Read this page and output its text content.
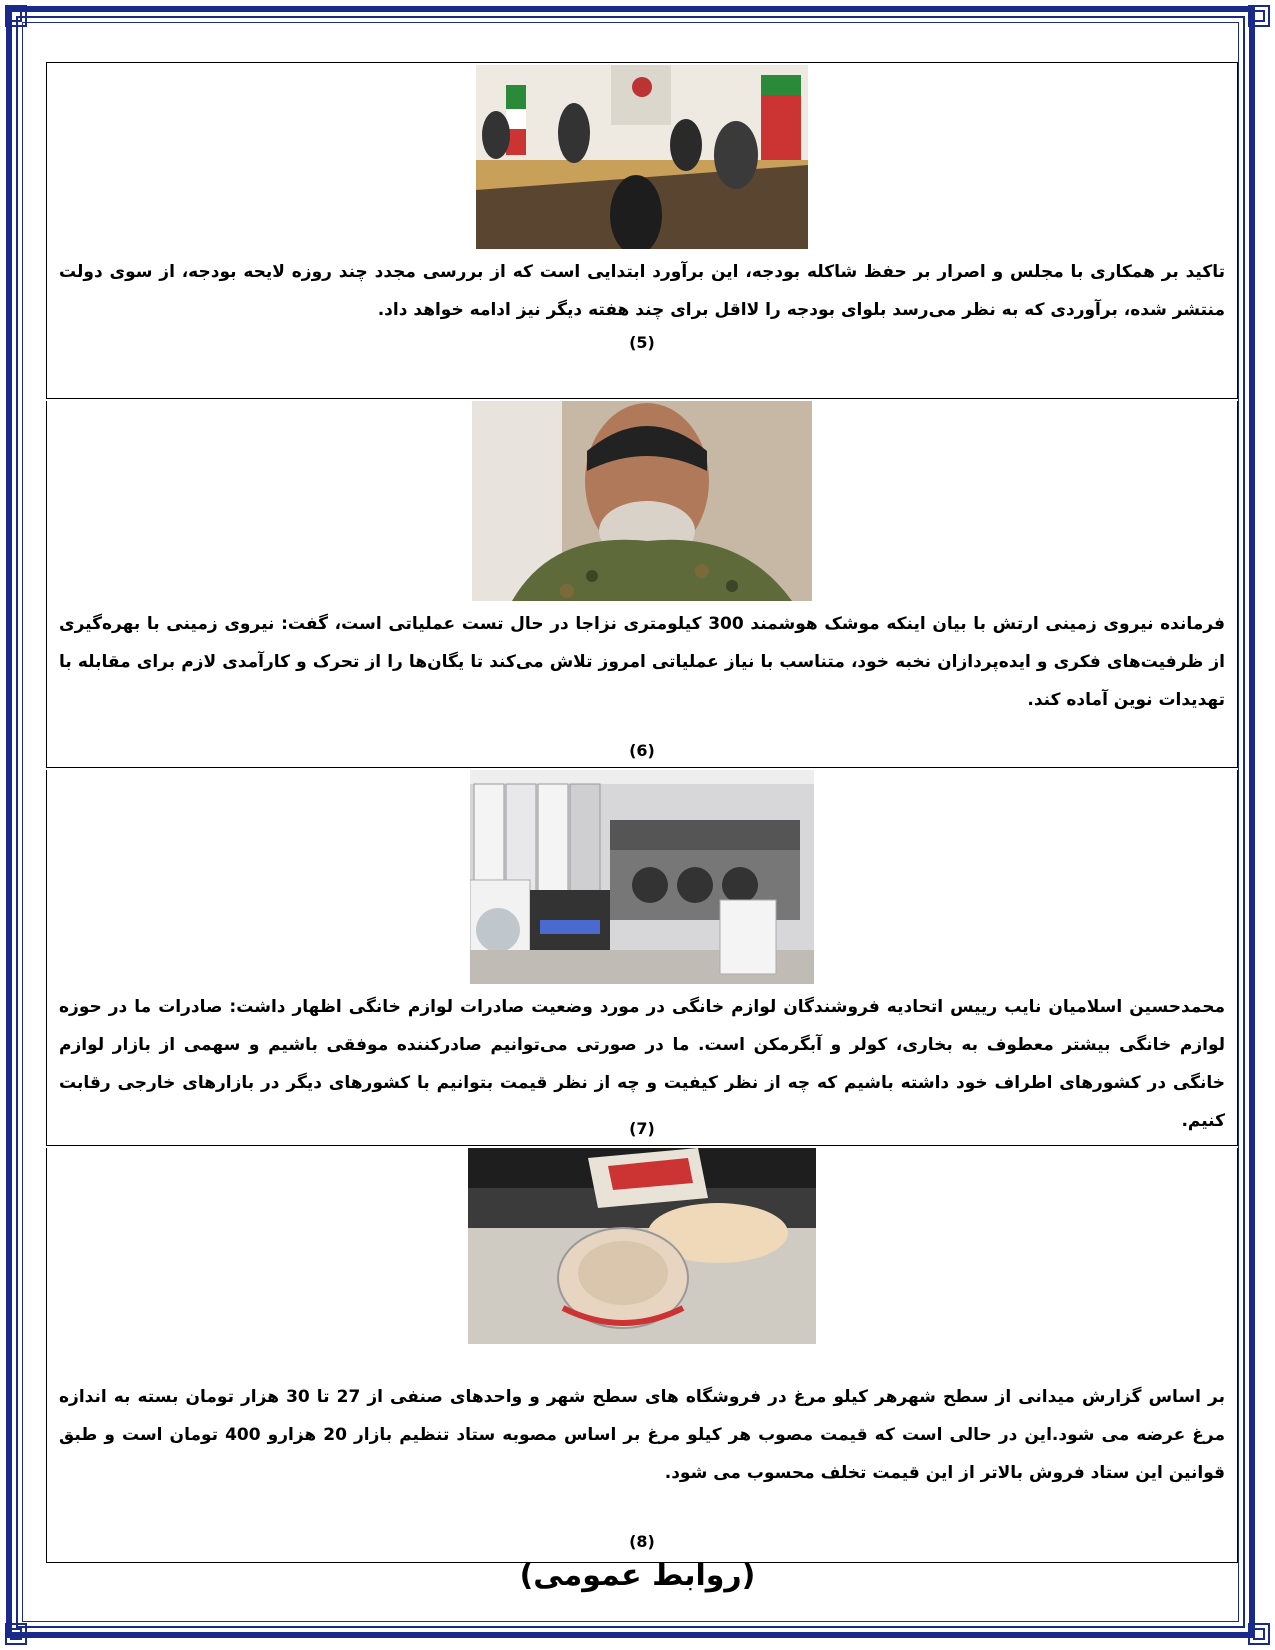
تاکید بر همکاری با مجلس و اصرار بر حفظ شاکله بودجه، این برآورد ابتدایی است که از بررسی مجدد چند روزه لایحه بودجه، از سوی دولت منتشر شده، برآوردی که به نظر می‌رسد بلوای بودجه را لااقل برای چند هفته دیگر نیز ادامه خواهد داد.

(5)

فرمانده نیروی زمینی ارتش با بیان اینکه موشک هوشمند 300 کیلومتری نزاجا در حال تست عملیاتی است، گفت: نیروی زمینی با بهره‌گیری از ظرفیت‌های فکری و ایده‌پردازان نخبه خود، متناسب با نیاز عملیاتی امروز تلاش می‌کند تا یگان‌ها را از تحرک و کارآمدی لازم برای مقابله با تهدیدات نوین آماده کند.

(6)

محمدحسین اسلامیان نایب رییس اتحادیه فروشندگان لوازم خانگی در مورد وضعیت صادرات لوازم خانگی اظهار داشت: صادرات ما در حوزه لوازم خانگی بیشتر معطوف به بخاری، کولر و آبگرمکن است. ما در صورتی می‌توانیم صادرکننده موفقی باشیم و سهمی از بازار لوازم خانگی در کشورهای اطراف خود داشته باشیم که چه از نظر کیفیت و چه از نظر قیمت بتوانیم با کشورهای دیگر در بازارهای خارجی رقابت کنیم.

(7)

بر اساس گزارش میدانی از سطح شهرهر کیلو مرغ در فروشگاه های سطح شهر و واحدهای صنفی از 27 تا 30 هزار تومان بسته به اندازه مرغ عرضه می شود.این در حالی است که قیمت مصوب هر کیلو مرغ بر اساس مصوبه ستاد تنظیم بازار 20 هزارو 400 تومان است و طبق قوانین این ستاد فروش بالاتر از این قیمت تخلف محسوب می شود.

(8)
(روابط عمومی)
